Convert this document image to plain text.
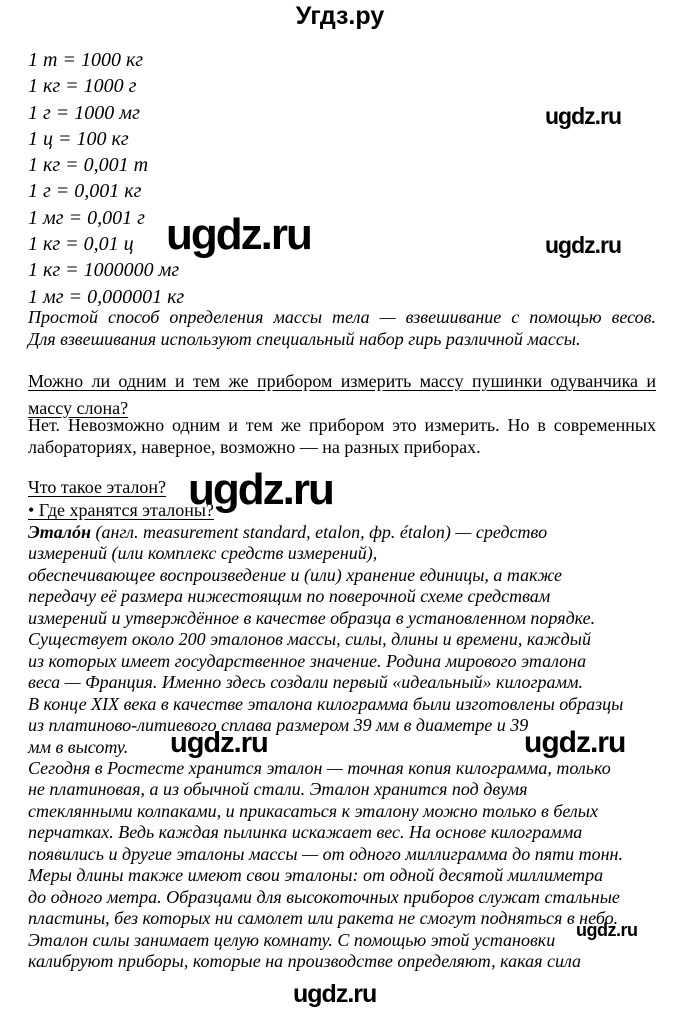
Угдз.ру
1 т = 1000 кг
1 кг = 1000 г
1 г = 1000 мг
1 ц = 100 кг
1 кг = 0,001 т
1 г = 0,001 кг
1 мг = 0,001 г
1 кг = 0,01 ц
1 кг = 1000000 мг
1 мг = 0,000001 кг
Простой способ определения массы тела — взвешивание с помощью весов.
Для взвешивания используют специальный набор гирь различной массы.
Можно ли одним и тем же прибором измерить массу пушинки одуванчика и
массу слона?
Нет. Невозможно одним и тем же прибором это измерить. Но в современных
лабораториях, наверное, возможно — на разных приборах.
Что такое эталон?
• Где хранятся эталоны?
Эталóн (англ. measurement standard, etalon, фр. étalon) — средство
измерений (или комплекс средств измерений),
обеспечивающее воспроизведение и (или) хранение единицы, а также
передачу её размера нижестоящим по поверочной схеме средствам
измерений и утверждённое в качестве образца в установленном порядке.
Существует около 200 эталонов массы, силы, длины и времени, каждый
из которых имеет государственное значение. Родина мирового эталона
веса — Франция. Именно здесь создали первый «идеальный» килограмм.
В конце XIX века в качестве эталона килограмма были изготовлены образцы
из платиново-литиевого сплава размером 39 мм в диаметре и 39
мм в высоту.
Сегодня в Ростесте хранится эталон — точная копия килограмма, только
не платиновая, а из обычной стали. Эталон хранится под двумя
стеклянными колпаками, и прикасаться к эталону можно только в белых
перчатках. Ведь каждая пылинка искажает вес. На основе килограмма
появились и другие эталоны массы — от одного миллиграмма до пяти тонн.
Меры длины также имеют свои эталоны: от одной десятой миллиметра
до одного метра. Образцами для высокоточных приборов служат стальные
пластины, без которых ни самолет или ракета не смогут подняться в небо.
Эталон силы занимает целую комнату. С помощью этой установки
калибруют приборы, которые на производстве определяют, какая сила
ugdz.ru
ugdz.ru	ugdz.ru
ugdz.ru
ugdz.ru	ugdz.ru
ugdz.ru
ugdz.ru
